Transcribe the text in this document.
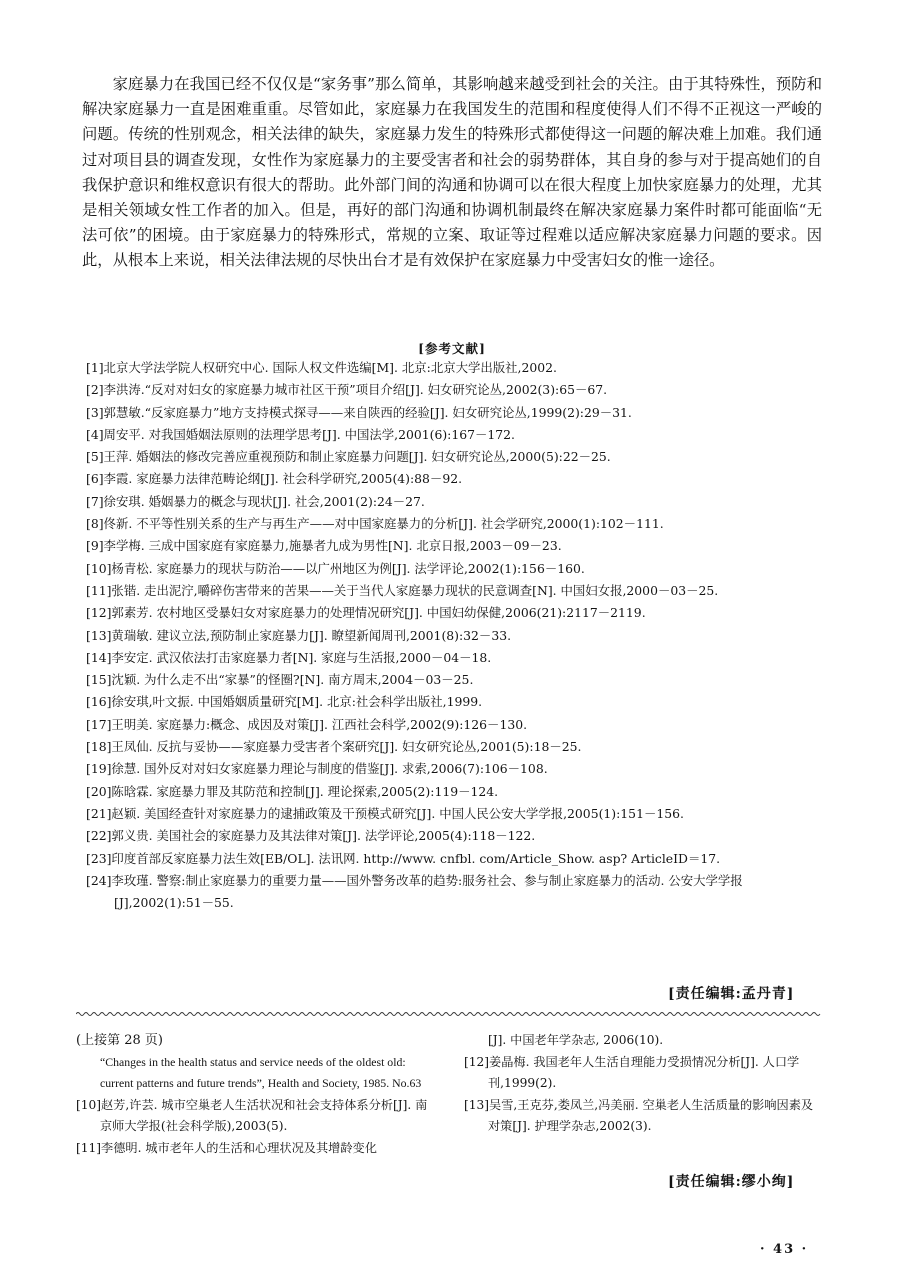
家庭暴力在我国已经不仅仅是“家务事”那么简单，其影响越来越受到社会的关注。由于其特殊性，预防和解决家庭暴力一直是困难重重。尽管如此，家庭暴力在我国发生的范围和程度使得人们不得不正视这一严峻的问题。传统的性别观念，相关法律的缺失，家庭暴力发生的特殊形式都使得这一问题的解决难上加难。我们通过对项目县的调查发现，女性作为家庭暴力的主要受害者和社会的弱势群体，其自身的参与对于提高她们的自我保护意识和维权意识有很大的帮助。此外部门间的沟通和协调可以在很大程度上加快家庭暴力的处理，尤其是相关领域女性工作者的加入。但是，再好的部门沟通和协调机制最终在解决家庭暴力案件时都可能面临“无法可依”的困境。由于家庭暴力的特殊形式，常规的立案、取证等过程难以适应解决家庭暴力问题的要求。因此，从根本上来说，相关法律法规的尽快出台才是有效保护在家庭暴力中受害妇女的惟一途径。

[参考文献]
[1]北京大学法学院人权研究中心. 国际人权文件选编[M]. 北京:北京大学出版社,2002.
[2]李洪涛.“反对对妇女的家庭暴力城市社区干预”项目介绍[J]. 妇女研究论丛,2002(3):65－67.
[3]郭慧敏.“反家庭暴力”地方支持模式探寻——来自陕西的经验[J]. 妇女研究论丛,1999(2):29－31.
[4]周安平. 对我国婚姻法原则的法理学思考[J]. 中国法学,2001(6):167－172.
[5]王萍. 婚姻法的修改完善应重视预防和制止家庭暴力问题[J]. 妇女研究论丛,2000(5):22－25.
[6]李霞. 家庭暴力法律范畴论纲[J]. 社会科学研究,2005(4):88－92.
[7]徐安琪. 婚姻暴力的概念与现状[J]. 社会,2001(2):24－27.
[8]佟新. 不平等性别关系的生产与再生产——对中国家庭暴力的分析[J]. 社会学研究,2000(1):102－111.
[9]李学梅. 三成中国家庭有家庭暴力,施暴者九成为男性[N]. 北京日报,2003－09－23.
[10]杨青松. 家庭暴力的现状与防治——以广州地区为例[J]. 法学评论,2002(1):156－160.
[11]张锴. 走出泥泞,嚼碎伤害带来的苦果——关于当代人家庭暴力现状的民意调查[N]. 中国妇女报,2000－03－25.
[12]郭素芳. 农村地区受暴妇女对家庭暴力的处理情况研究[J]. 中国妇幼保健,2006(21):2117－2119.
[13]黄瑞敏. 建议立法,预防制止家庭暴力[J]. 瞭望新闻周刊,2001(8):32－33.
[14]李安定. 武汉依法打击家庭暴力者[N]. 家庭与生活报,2000－04－18.
[15]沈颖. 为什么走不出“家暴”的怪圈?[N]. 南方周末,2004－03－25.
[16]徐安琪,叶文振. 中国婚姻质量研究[M]. 北京:社会科学出版社,1999.
[17]王明美. 家庭暴力:概念、成因及对策[J]. 江西社会科学,2002(9):126－130.
[18]王凤仙. 反抗与妥协——家庭暴力受害者个案研究[J]. 妇女研究论丛,2001(5):18－25.
[19]徐慧. 国外反对对妇女家庭暴力理论与制度的借鉴[J]. 求索,2006(7):106－108.
[20]陈晗霖. 家庭暴力罪及其防范和控制[J]. 理论探索,2005(2):119－124.
[21]赵颖. 美国经查针对家庭暴力的逮捕政策及干预模式研究[J]. 中国人民公安大学学报,2005(1):151－156.
[22]郭义贵. 美国社会的家庭暴力及其法律对策[J]. 法学评论,2005(4):118－122.
[23]印度首部反家庭暴力法生效[EB/OL]. 法讯网. http://www. cnfbl. com/Article_Show. asp? ArticleID＝17.
[24]李玫瑾. 警察:制止家庭暴力的重要力量——国外警务改革的趋势:服务社会、参与制止家庭暴力的活动. 公安大学学报[J],2002(1):51－55.
[责任编辑:孟丹青]
(上接第 28 页)

“Changes in the health status and service needs of the oldest old: current patterns and future trends”, Health and Society, 1985. No.63

[10]赵芳,许芸. 城市空巢老人生活状况和社会支持体系分析[J]. 南京师大学报(社会科学版),2003(5).

[11]李德明. 城市老年人的生活和心理状况及其增龄变化

[J]. 中国老年学杂志, 2006(10).

[12]姜晶梅. 我国老年人生活自理能力受损情况分析[J]. 人口学刊,1999(2).

[13]吴雪,王克芬,娄凤兰,冯美丽. 空巢老人生活质量的影响因素及对策[J]. 护理学杂志,2002(3).

[责任编辑:缪小绚]
· 43 ·
